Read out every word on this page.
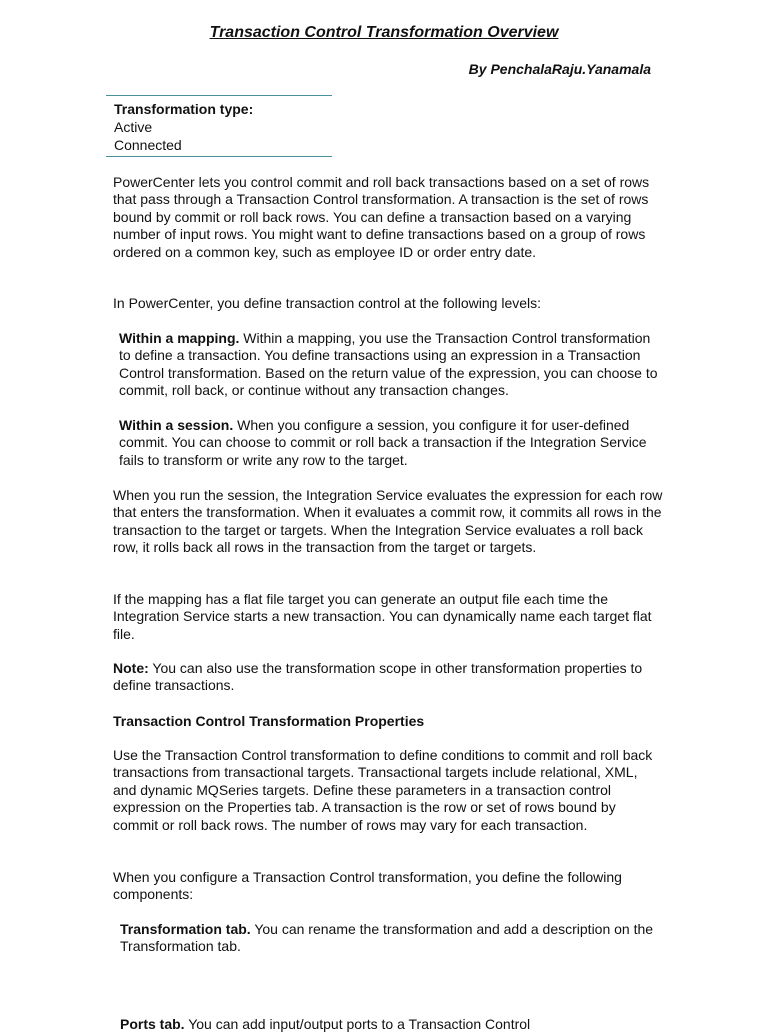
Transaction Control Transformation Overview
By PenchalaRaju.Yanamala
Transformation type:
Active
Connected
PowerCenter lets you control commit and roll back transactions based on a set of rows that pass through a Transaction Control transformation. A transaction is the set of rows bound by commit or roll back rows. You can define a transaction based on a varying number of input rows. You might want to define transactions based on a group of rows ordered on a common key, such as employee ID or order entry date.
In PowerCenter, you define transaction control at the following levels:
Within a mapping. Within a mapping, you use the Transaction Control transformation to define a transaction. You define transactions using an expression in a Transaction Control transformation. Based on the return value of the expression, you can choose to commit, roll back, or continue without any transaction changes.
Within a session. When you configure a session, you configure it for user-defined commit. You can choose to commit or roll back a transaction if the Integration Service fails to transform or write any row to the target.
When you run the session, the Integration Service evaluates the expression for each row that enters the transformation. When it evaluates a commit row, it commits all rows in the transaction to the target or targets. When the Integration Service evaluates a roll back row, it rolls back all rows in the transaction from the target or targets.
If the mapping has a flat file target you can generate an output file each time the Integration Service starts a new transaction. You can dynamically name each target flat file.
Note: You can also use the transformation scope in other transformation properties to define transactions.
Transaction Control Transformation Properties
Use the Transaction Control transformation to define conditions to commit and roll back transactions from transactional targets. Transactional targets include relational, XML, and dynamic MQSeries targets. Define these parameters in a transaction control expression on the Properties tab. A transaction is the row or set of rows bound by commit or roll back rows. The number of rows may vary for each transaction.
When you configure a Transaction Control transformation, you define the following components:
Transformation tab. You can rename the transformation and add a description on the Transformation tab.
Ports tab. You can add input/output ports to a Transaction Control
